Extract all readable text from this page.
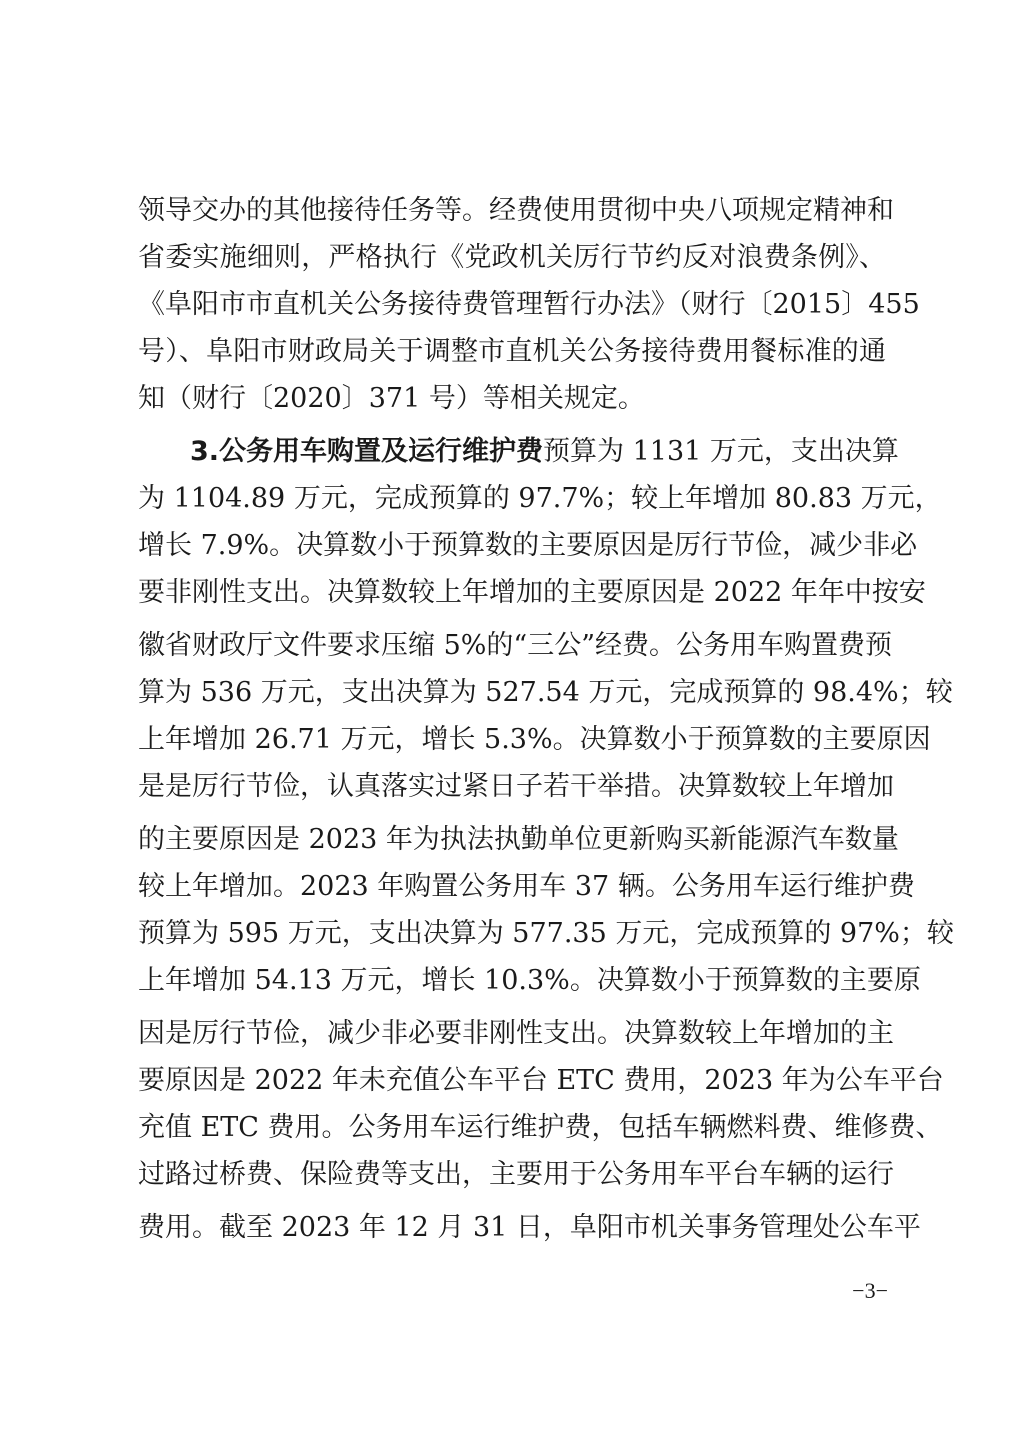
领导交办的其他接待任务等。经费使用贯彻中央八项规定精神和
省委实施细则，严格执行《党政机关厉行节约反对浪费条例》、
《阜阳市市直机关公务接待费管理暂行办法》（财行〔2015〕455
号）、阜阳市财政局关于调整市直机关公务接待费用餐标准的通
知（财行〔2020〕371 号）等相关规定。
3.公务用车购置及运行维护费预算为 1131 万元，支出决算
为 1104.89 万元，完成预算的 97.7%；较上年增加 80.83 万元，
增长 7.9%。决算数小于预算数的主要原因是厉行节俭，减少非必
要非刚性支出。决算数较上年增加的主要原因是 2022 年年中按安
徽省财政厅文件要求压缩 5%的“三公”经费。公务用车购置费预
算为 536 万元，支出决算为 527.54 万元，完成预算的 98.4%；较
上年增加 26.71 万元，增长 5.3%。决算数小于预算数的主要原因
是是厉行节俭，认真落实过紧日子若干举措。决算数较上年增加
的主要原因是 2023 年为执法执勤单位更新购买新能源汽车数量
较上年增加。2023 年购置公务用车 37 辆。公务用车运行维护费
预算为 595 万元，支出决算为 577.35 万元，完成预算的 97%；较
上年增加 54.13 万元，增长 10.3%。决算数小于预算数的主要原
因是厉行节俭，减少非必要非刚性支出。决算数较上年增加的主
要原因是 2022 年未充值公车平台 ETC 费用，2023 年为公车平台
充值 ETC 费用。公务用车运行维护费，包括车辆燃料费、维修费、
过路过桥费、保险费等支出，主要用于公务用车平台车辆的运行
费用。截至 2023 年 12 月 31 日，阜阳市机关事务管理处公车平
−3−
